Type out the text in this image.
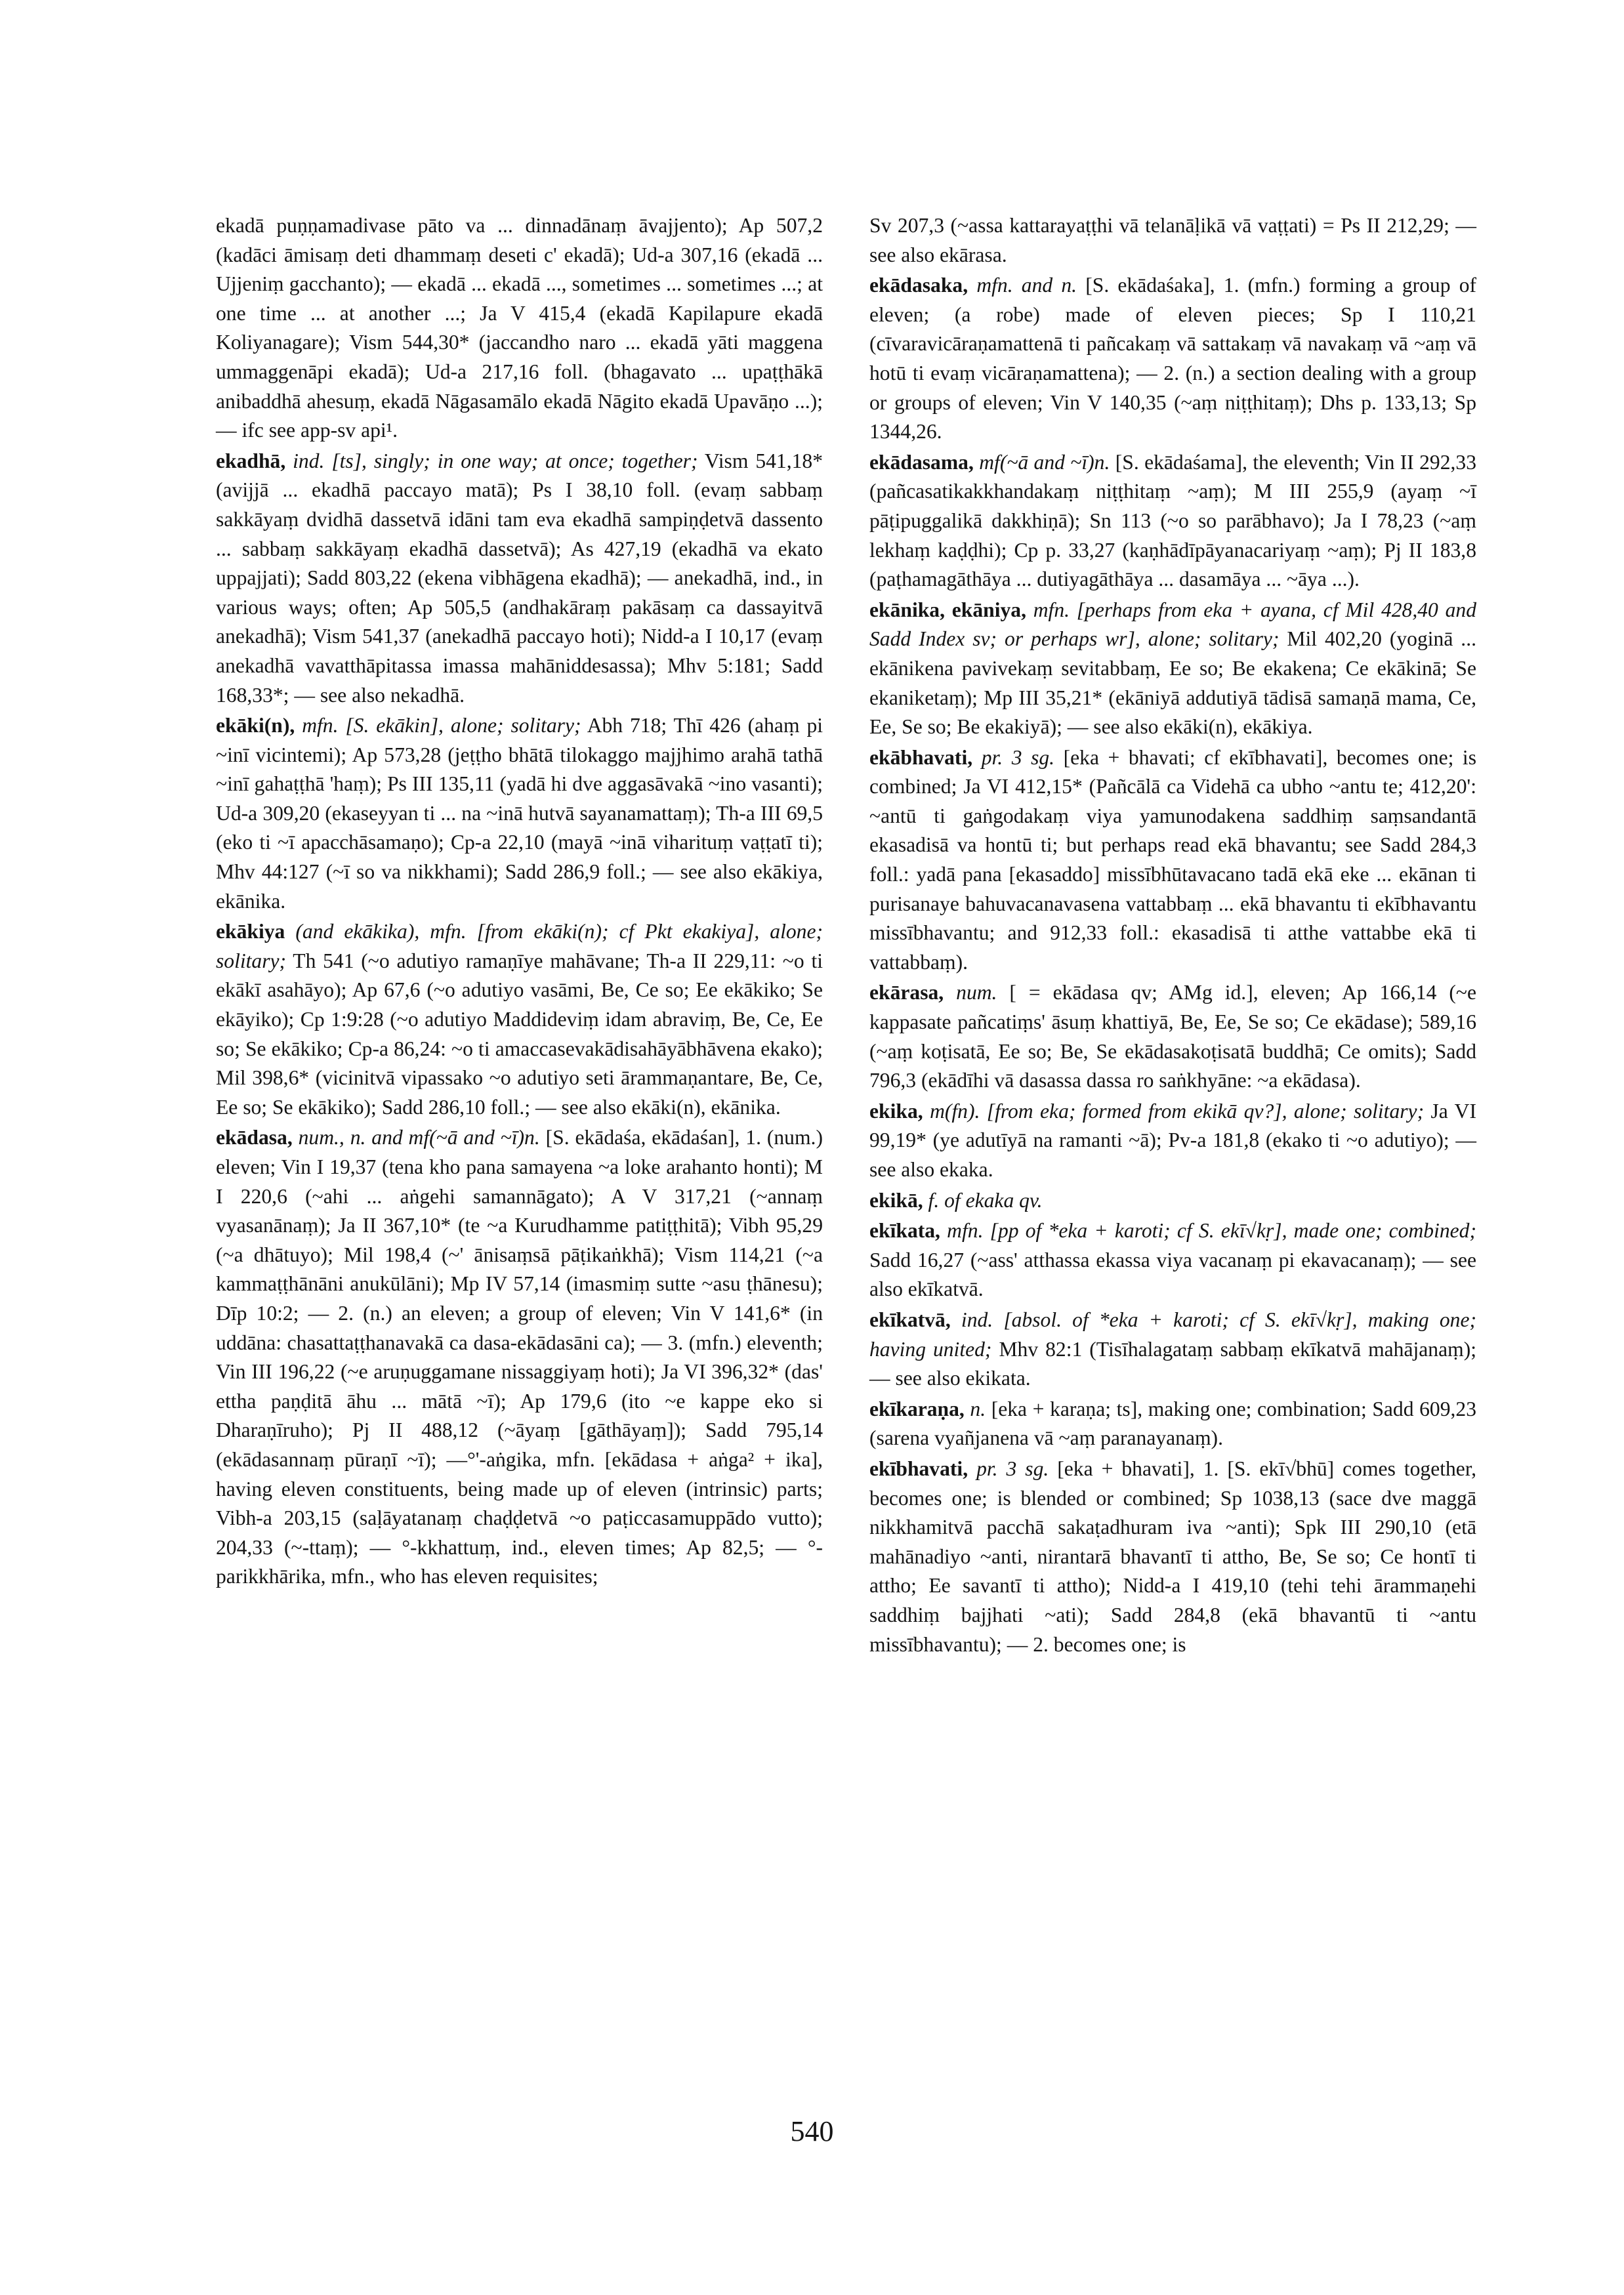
ekadā puṇṇamadivase pāto va ... dinnadānaṃ āvajjento); Ap 507,2 (kadāci āmisaṃ deti dhammaṃ deseti c' ekadā); Ud-a 307,16 (ekadā ... Ujjeniṃ gacchanto); — ekadā ... ekadā ..., sometimes ... sometimes ...; at one time ... at another ...; Ja V 415,4 (ekadā Kapilapure ekadā Koliyanagare); Vism 544,30* (jaccandho naro ... ekadā yāti maggena ummaggenāpi ekadā); Ud-a 217,16 foll. (bhagavato ... upaṭṭhākā anibaddhā ahesuṃ, ekadā Nāgasamālo ekadā Nāgito ekadā Upavāṇo ...); — ifc see app-sv api¹.

ekadhā, ind. [ts], singly; in one way; at once; together; Vism 541,18* (avijjā ... ekadhā paccayo matā); Ps I 38,10 foll. (evaṃ sabbaṃ sakkāyaṃ dvidhā dassetvā idāni tam eva ekadhā sampiṇḍetvā dassento ... sabbaṃ sakkāyaṃ ekadhā dassetvā); As 427,19 (ekadhā va ekato uppajjati); Sadd 803,22 (ekena vibhāgena ekadhā); — anekadhā, ind., in various ways; often; Ap 505,5 (andhakāraṃ pakāsaṃ ca dassayitvā anekadhā); Vism 541,37 (anekadhā paccayo hoti); Nidd-a I 10,17 (evaṃ anekadhā vavatthāpitassa imassa mahāniddesassa); Mhv 5:181; Sadd 168,33*; — see also nekadhā.

ekāki(n), mfn. [S. ekākin], alone; solitary; Abh 718; Thī 426 (ahaṃ pi ~inī vicintemi); Ap 573,28 (jeṭṭho bhātā tilokaggo majjhimo arahā tathā ~inī gahaṭṭhā 'haṃ); Ps III 135,11 (yadā hi dve aggasāvakā ~ino vasanti); Ud-a 309,20 (ekaseyyan ti ... na ~inā hutvā sayanamattaṃ); Th-a III 69,5 (eko ti ~ī apacchāsamaṇo); Cp-a 22,10 (mayā ~inā viharituṃ vaṭṭatī ti); Mhv 44:127 (~ī so va nikkhami); Sadd 286,9 foll.; — see also ekākiya, ekānika.

ekākiya (and ekākika), mfn. [from ekāki(n); cf Pkt ekakiya], alone; solitary; Th 541 (~o adutiyo ramaṇīye mahāvane; Th-a II 229,11: ~o ti ekākī asahāyo); Ap 67,6 (~o adutiyo vasāmi, Be, Ce so; Ee ekākiko; Se ekāyiko); Cp 1:9:28 (~o adutiyo Maddideviṃ idam abraviṃ, Be, Ce, Ee so; Se ekākiko; Cp-a 86,24: ~o ti amaccasevakādisahāyābhāvena ekako); Mil 398,6* (vicinitvā vipassako ~o adutiyo seti ārammaṇantare, Be, Ce, Ee so; Se ekākiko); Sadd 286,10 foll.; — see also ekāki(n), ekānika.

ekādasa, num., n. and mf(~ā and ~ī)n. [S. ekādaśa, ekādaśan], 1. (num.) eleven; Vin I 19,37 (tena kho pana samayena ~a loke arahanto honti); M I 220,6 (~ahi ... aṅgehi samannāgato); A V 317,21 (~annaṃ vyasanānaṃ); Ja II 367,10* (te ~a Kurudhamme patiṭṭhitā); Vibh 95,29 (~a dhātuyo); Mil 198,4 (~' ānisaṃsā pāṭikaṅkhā); Vism 114,21 (~a kammaṭṭhānāni anukūlāni); Mp IV 57,14 (imasmiṃ sutte ~asu ṭhānesu); Dīp 10:2; — 2. (n.) an eleven; a group of eleven; Vin V 141,6* (in uddāna: chasattaṭṭhanavakā ca dasa-ekādasāni ca); — 3. (mfn.) eleventh; Vin III 196,22 (~e aruṇuggamane nissaggiyaṃ hoti); Ja VI 396,32* (das' ettha paṇḍitā āhu ... mātā ~ī); Ap 179,6 (ito ~e kappe eko si Dharaṇīruho); Pj II 488,12 (~āyaṃ [gāthāyaṃ]); Sadd 795,14 (ekādasannaṃ pūraṇī ~ī); —°'-aṅgika, mfn. [ekādasa + aṅga² + ika], having eleven constituents, being made up of eleven (intrinsic) parts; Vibh-a 203,15 (saḷāyatanaṃ chaḍḍetvā ~o paṭiccasamuppādo vutto); 204,33 (~-ttaṃ); — °-kkhattuṃ, ind., eleven times; Ap 82,5; — °-parikkhārika, mfn., who has eleven requisites;

Sv 207,3 (~assa kattarayaṭṭhi vā telanāḷikā vā vaṭṭati) = Ps II 212,29; — see also ekārasa.

ekādasaka, mfn. and n. [S. ekādaśaka], 1. (mfn.) forming a group of eleven; (a robe) made of eleven pieces; Sp I 110,21 (cīvaravicāraṇamattenā ti pañcakaṃ vā sattakaṃ vā navakaṃ vā ~aṃ vā hotū ti evaṃ vicāraṇamattena); — 2. (n.) a section dealing with a group or groups of eleven; Vin V 140,35 (~aṃ niṭṭhitaṃ); Dhs p. 133,13; Sp 1344,26.

ekādasama, mf(~ā and ~ī)n. [S. ekādaśama], the eleventh; Vin II 292,33 (pañcasatikakkhandakaṃ niṭṭhitaṃ ~aṃ); M III 255,9 (ayaṃ ~ī pāṭipuggalikā dakkhiṇā); Sn 113 (~o so parābhavo); Ja I 78,23 (~aṃ lekhaṃ kaḍḍhi); Cp p. 33,27 (kaṇhādīpāyanacariyaṃ ~aṃ); Pj II 183,8 (paṭhamagāthāya ... dutiyagāthāya ... dasamāya ... ~āya ...).

ekānika, ekāniya, mfn. [perhaps from eka + ayana, cf Mil 428,40 and Sadd Index sv; or perhaps wr], alone; solitary; Mil 402,20 (yoginā ... ekānikena pavivekaṃ sevitabbaṃ, Ee so; Be ekakena; Ce ekākinā; Se ekaniketaṃ); Mp III 35,21* (ekāniyā addutiyā tādisā samaṇā mama, Ce, Ee, Se so; Be ekakiyā); — see also ekāki(n), ekākiya.

ekābhavati, pr. 3 sg. [eka + bhavati; cf ekībhavati], becomes one; is combined; Ja VI 412,15* (Pañcālā ca Videhā ca ubho ~antu te; 412,20': ~antū ti gaṅgodakaṃ viya yamunodakena saddhiṃ saṃsandantā ekasadisā va hontū ti; but perhaps read ekā bhavantu; see Sadd 284,3 foll.: yadā pana [ekasaddo] missībhūtavacano tadā ekā eke ... ekānan ti purisanaye bahuvacanavasena vattabbaṃ ... ekā bhavantu ti ekībhavantu missībhavantu; and 912,33 foll.: ekasadisā ti atthe vattabbe ekā ti vattabbaṃ).

ekārasa, num. [ = ekādasa qv; AMg id.], eleven; Ap 166,14 (~e kappasate pañcatiṃs' āsuṃ khattiyā, Be, Ee, Se so; Ce ekādase); 589,16 (~aṃ koṭisatā, Ee so; Be, Se ekādasakoṭisatā buddhā; Ce omits); Sadd 796,3 (ekādīhi vā dasassa dassa ro saṅkhyāne: ~a ekādasa).

ekika, m(fn). [from eka; formed from ekikā qv?], alone; solitary; Ja VI 99,19* (ye adutīyā na ramanti ~ā); Pv-a 181,8 (ekako ti ~o adutiyo); — see also ekaka.

ekikā, f. of ekaka qv.

ekīkata, mfn. [pp of *eka + karoti; cf S. ekī√kṛ], made one; combined; Sadd 16,27 (~ass' atthassa ekassa viya vacanaṃ pi ekavacanaṃ); — see also ekīkatvā.

ekīkatvā, ind. [absol. of *eka + karoti; cf S. ekī√kṛ], making one; having united; Mhv 82:1 (Tisīhalagataṃ sabbaṃ ekīkatvā mahājanaṃ); — see also ekikata.

ekīkaraṇa, n. [eka + karaṇa; ts], making one; combination; Sadd 609,23 (sarena vyañjanena vā ~aṃ paranayanaṃ).

ekībhavati, pr. 3 sg. [eka + bhavati], 1. [S. ekī√bhū] comes together, becomes one; is blended or combined; Sp 1038,13 (sace dve maggā nikkhamitvā pacchā sakaṭadhuram iva ~anti); Spk III 290,10 (etā mahānadiyo ~anti, nirantarā bhavantī ti attho, Be, Se so; Ce hontī ti attho; Ee savantī ti attho); Nidd-a I 419,10 (tehi tehi ārammaṇehi saddhiṃ bajjhati ~ati); Sadd 284,8 (ekā bhavantū ti ~antu missībhavantu); — 2. becomes one; is

540
